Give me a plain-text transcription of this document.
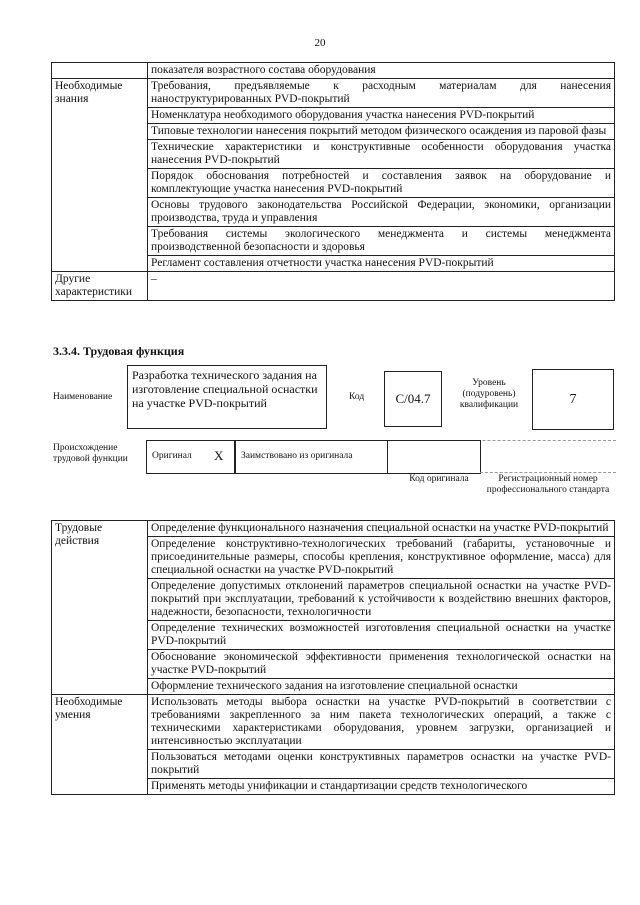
20
	показателя возрастного состава оборудования
Необходимые знания	Требования, предъявляемые к расходным материалам для нанесения наноструктурированных PVD-покрытий
	Номенклатура необходимого оборудования участка нанесения PVD-покрытий
	Типовые технологии нанесения покрытий методом физического осаждения из паровой фазы
	Технические характеристики и конструктивные особенности оборудования участка нанесения PVD-покрытий
	Порядок обоснования потребностей и составления заявок на оборудование и комплектующие участка нанесения PVD-покрытий
	Основы трудового законодательства Российской Федерации, экономики, организации производства, труда и управления
	Требования системы экологического менеджмента и системы менеджмента производственной безопасности и здоровья
	Регламент составления отчетности участка нанесения PVD-покрытий
Другие характеристики	–
3.3.4. Трудовая функция
Наименование
Разработка технического задания на изготовление специальной оснастки на участке PVD-покрытий	Код	C/04.7
Уровень (подуровень) квалификации	7
Происхождение трудовой функции	Оригинал X Заимствовано из оригинала
Код оригинала	Регистрационный номер профессионального стандарта
Трудовые действия	Определение функционального назначения специальной оснастки на участке PVD-покрытий
	Определение конструктивно-технологических требований (габариты, установочные и присоединительные размеры, способы крепления, конструктивное оформление, масса) для специальной оснастки на участке PVD-покрытий
	Определение допустимых отклонений параметров специальной оснастки на участке PVD-покрытий при эксплуатации, требований к устойчивости к воздействию внешних факторов, надежности, безопасности, технологичности
	Определение технических возможностей изготовления специальной оснастки на участке PVD-покрытий
	Обоснование экономической эффективности применения технологической оснастки на участке PVD-покрытий
	Оформление технического задания на изготовление специальной оснастки
Необходимые умения	Использовать методы выбора оснастки на участке PVD-покрытий в соответствии с требованиями закрепленного за ним пакета технологических операций, а также с техническими характеристиками оборудования, уровнем загрузки, организацией и интенсивностью эксплуатации
	Пользоваться методами оценки конструктивных параметров оснастки на участке PVD-покрытий
	Применять методы унификации и стандартизации средств технологического
